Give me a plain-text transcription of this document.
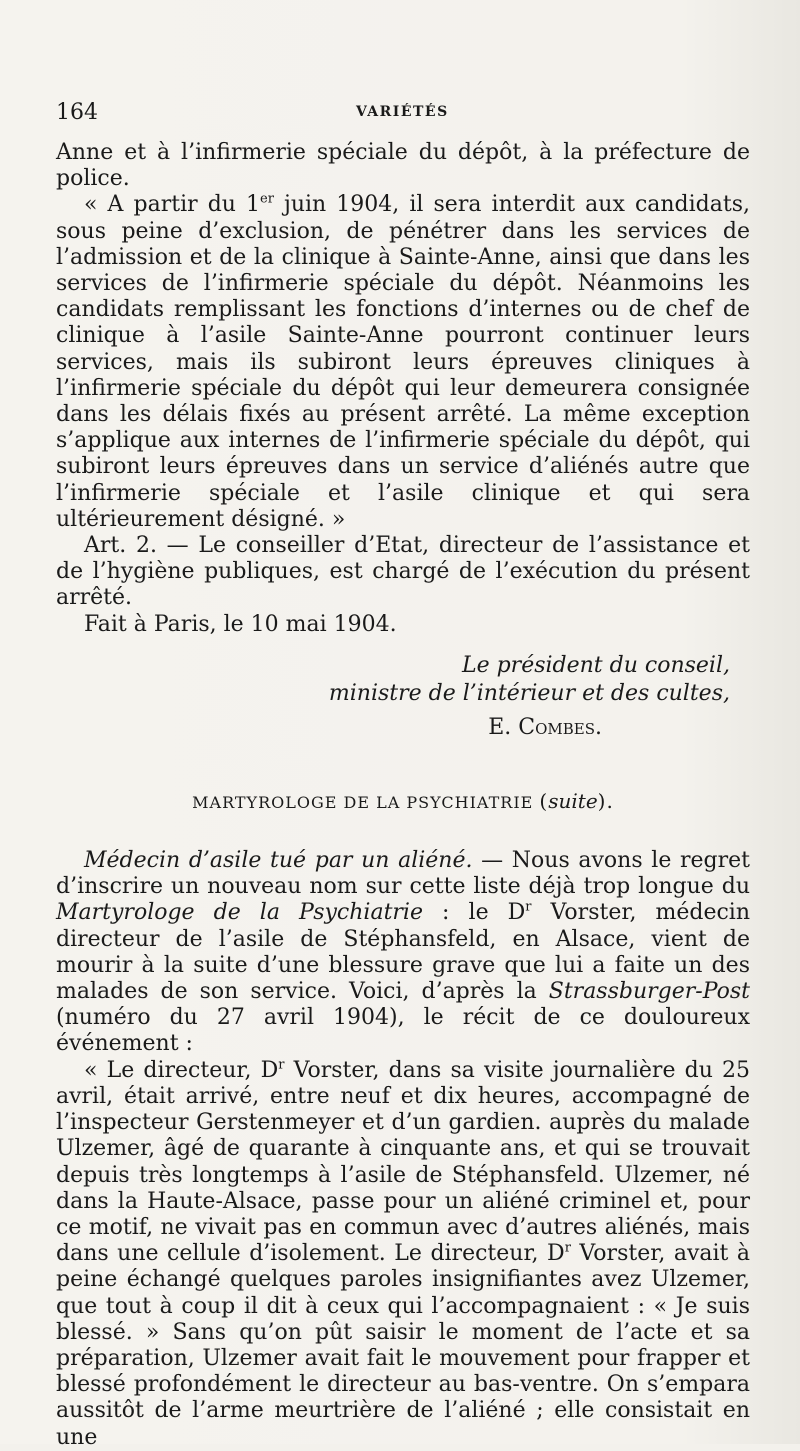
164	VARIÉTÉS

Anne et à l’infirmerie spéciale du dépôt, à la préfecture de police.

« A partir du 1er juin 1904, il sera interdit aux candidats, sous peine d’exclusion, de pénétrer dans les services de l’admission et de la clinique à Sainte-Anne, ainsi que dans les services de l’infirmerie spéciale du dépôt. Néanmoins les candidats remplissant les fonctions d’internes ou de chef de clinique à l’asile Sainte-Anne pourront continuer leurs services, mais ils subiront leurs épreuves cliniques à l’infirmerie spéciale du dépôt qui leur demeurera consignée dans les délais fixés au présent arrêté. La même exception s’applique aux internes de l’infirmerie spéciale du dépôt, qui subiront leurs épreuves dans un service d’aliénés autre que l’infirmerie spéciale et l’asile clinique et qui sera ultérieurement désigné. »

Art. 2. — Le conseiller d’Etat, directeur de l’assistance et de l’hygiène publiques, est chargé de l’exécution du présent arrêté.

Fait à Paris, le 10 mai 1904.

Le président du conseil,
ministre de l’intérieur et des cultes,
E. Combes.
MARTYROLOGE DE LA PSYCHIATRIE (suite).

Médecin d’asile tué par un aliéné. — Nous avons le regret d’inscrire un nouveau nom sur cette liste déjà trop longue du Martyrologe de la Psychiatrie : le $D^r$ Vorster, médecin directeur de l’asile de Stéphansfeld, en Alsace, vient de mourir à la suite d’une blessure grave que lui a faite un des malades de son service. Voici, d’après la Strassburger-Post (numéro du 27 avril 1904), le récit de ce douloureux événement :

« Le directeur, $D^r$ Vorster, dans sa visite journalière du 25 avril, était arrivé, entre neuf et dix heures, accompagné de l’inspecteur Gerstenmeyer et d’un gardien. auprès du malade Ulzemer, âgé de quarante à cinquante ans, et qui se trouvait depuis très longtemps à l’asile de Stéphansfeld. Ulzemer, né dans la Haute-Alsace, passe pour un aliéné criminel et, pour ce motif, ne vivait pas en commun avec d’autres aliénés, mais dans une cellule d’isolement. Le directeur, $D^r$ Vorster, avait à peine échangé quelques paroles insignifiantes avez Ulzemer, que tout à coup il dit à ceux qui l’accompagnaient : « Je suis blessé. » Sans qu’on pût saisir le moment de l’acte et sa préparation, Ulzemer avait fait le mouvement pour frapper et blessé profondément le directeur au bas-ventre. On s’empara aussitôt de l’arme meurtrière de l’aliéné ; elle consistait en une
